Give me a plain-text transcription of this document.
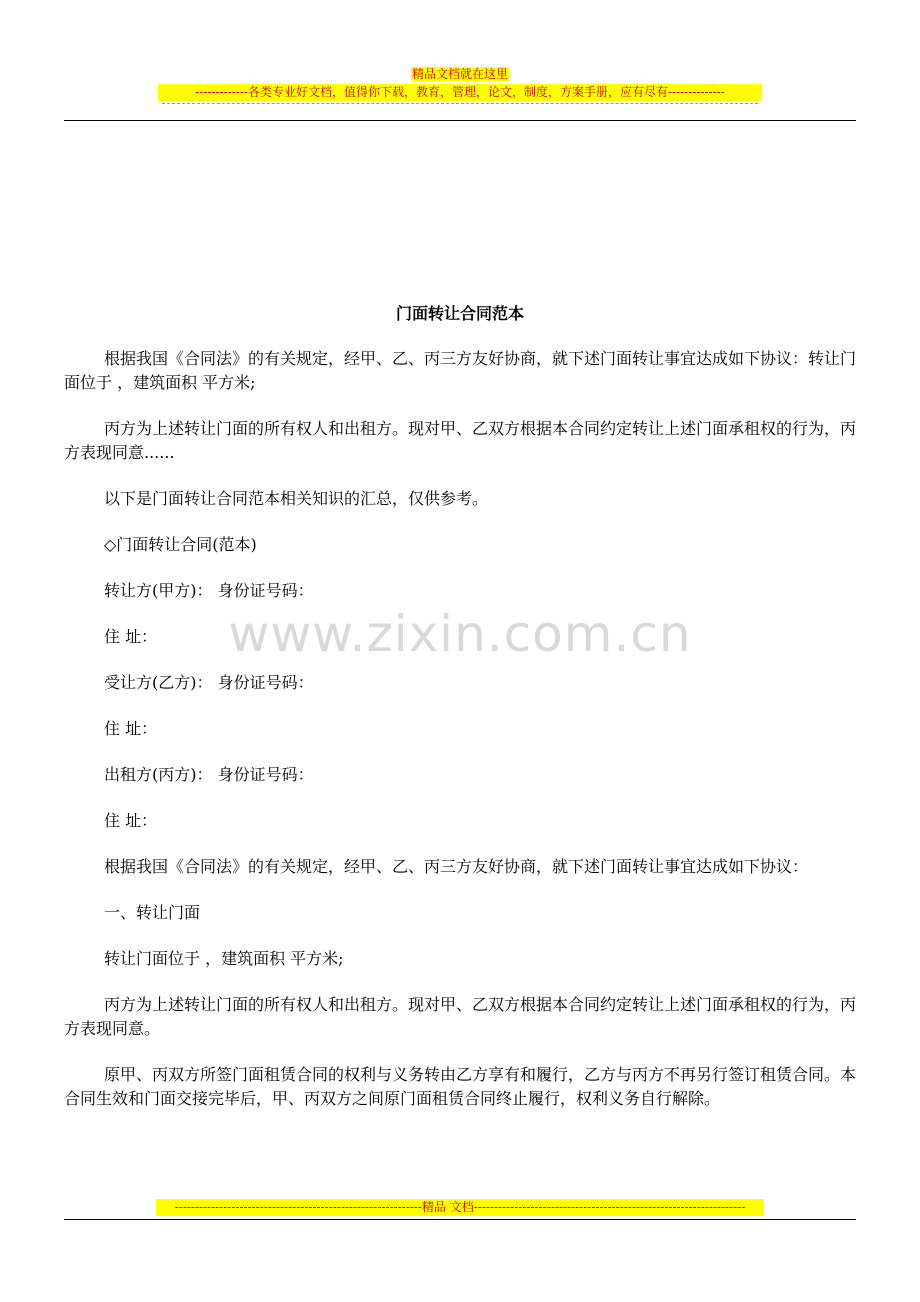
精品文档就在这里
-------------各类专业好文档，值得你下载，教育，管理，论文，制度，方案手册，应有尽有--------------
门面转让合同范本

根据我国《合同法》的有关规定，经甲、乙、丙三方友好协商，就下述门面转让事宜达成如下协议：转让门面位于 ，建筑面积 平方米;

丙方为上述转让门面的所有权人和出租方。现对甲、乙双方根据本合同约定转让上述门面承租权的行为，丙方表现同意......

以下是门面转让合同范本相关知识的汇总，仅供参考。

◇门面转让合同(范本)

转让方(甲方)： 身份证号码：

住 址：

受让方(乙方)： 身份证号码：

住 址：

出租方(丙方)： 身份证号码：

住 址：

根据我国《合同法》的有关规定，经甲、乙、丙三方友好协商，就下述门面转让事宜达成如下协议：

一、转让门面

转让门面位于 ，建筑面积 平方米;

丙方为上述转让门面的所有权人和出租方。现对甲、乙双方根据本合同约定转让上述门面承租权的行为，丙方表现同意。

原甲、丙双方所签门面租赁合同的权利与义务转由乙方享有和履行，乙方与丙方不再另行签订租赁合同。本合同生效和门面交接完毕后，甲、丙双方之间原门面租赁合同终止履行，权利义务自行解除。

www.zixin.com.cn
-------------------------------------------------------------精品 文档-------------------------------------------------------------------
